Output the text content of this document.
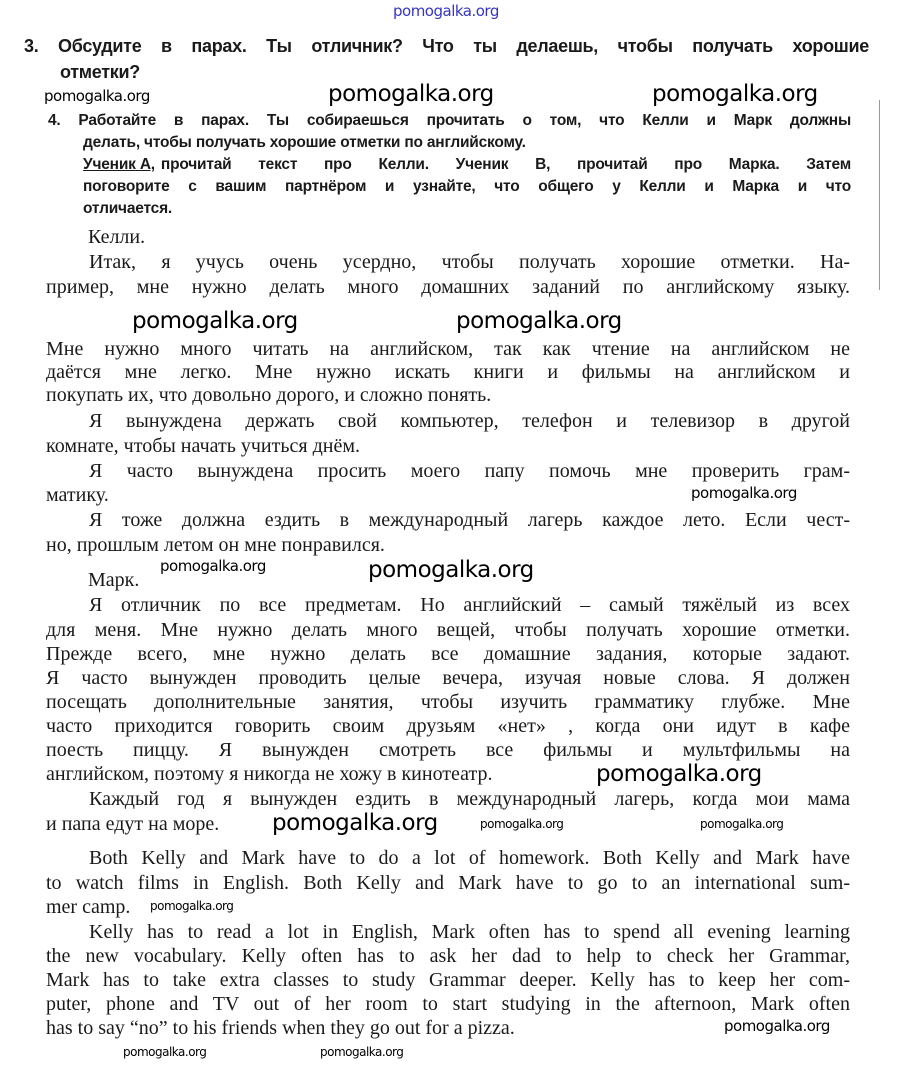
pomogalka.org
pomogalka.org	pomogalka.org	pomogalka.org
pomogalka.org	pomogalka.org
pomogalka.org
pomogalka.org	pomogalka.org
pomogalka.org
pomogalka.org
pomogalka.org
pomogalka.org
pomogalka.org
pomogalka.org	pomogalka.org
pomogalka.org
3. Обсудите в парах. Ты отличник? Что ты делаешь, чтобы получать хорошие
отметки?
4. Работайте в парах. Ты собираешься прочитать о том, что Келли и Марк должны
делать, чтобы получать хорошие отметки по английскому.
Ученик А, прочитай текст про Келли. Ученик В, прочитай про Марка. Затем
поговорите с вашим партнёром и узнайте, что общего у Келли и Марка и что
отличается.
Келли.
Итак, я учусь очень усердно, чтобы получать хорошие отметки. На-
пример, мне нужно делать много домашних заданий по английскому языку.
Мне нужно много читать на английском, так как чтение на английском не
даётся мне легко. Мне нужно искать книги и фильмы на английском и
покупать их, что довольно дорого, и сложно понять.
Я вынуждена держать свой компьютер, телефон и телевизор в другой
комнате, чтобы начать учиться днём.
Я часто вынуждена просить моего папу помочь мне проверить грам-
матику.
Я тоже должна ездить в международный лагерь каждое лето. Если чест-
но, прошлым летом он мне понравился.
Марк.
Я отличник по все предметам. Но английский – самый тяжёлый из всех
для меня. Мне нужно делать много вещей, чтобы получать хорошие отметки.
Прежде всего, мне нужно делать все домашние задания, которые задают.
Я часто вынужден проводить целые вечера, изучая новые слова. Я должен
посещать дополнительные занятия, чтобы изучить грамматику глубже. Мне
часто приходится говорить своим друзьям «нет» , когда они идут в кафе
поесть пиццу. Я вынужден смотреть все фильмы и мультфильмы на
английском, поэтому я никогда не хожу в кинотеатр.
Каждый год я вынужден ездить в международный лагерь, когда мои мама
и папа едут на море.
Both Kelly and Mark have to do a lot of homework. Both Kelly and Mark have
to watch films in English. Both Kelly and Mark have to go to an international sum-
mer camp.
Kelly has to read a lot in English, Mark often has to spend all evening learning
the new vocabulary. Kelly often has to ask her dad to help to check her Grammar,
Mark has to take extra classes to study Grammar deeper. Kelly has to keep her com-
puter, phone and TV out of her room to start studying in the afternoon, Mark often
has to say “no” to his friends when they go out for a pizza.
